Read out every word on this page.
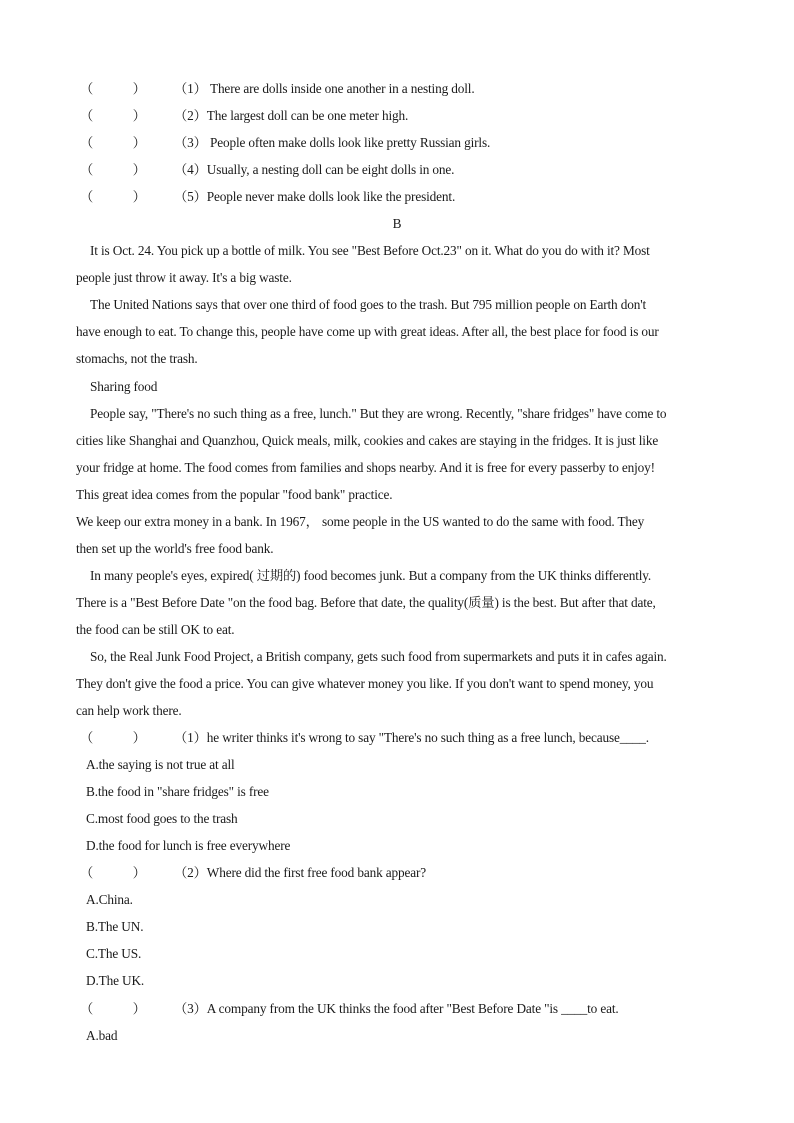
（　　　） （1） There are dolls inside one another in a nesting doll.
（　　　） （2）The largest doll can be one meter high.
（　　　） （3） People often make dolls look like pretty Russian girls.
（　　　） （4）Usually, a nesting doll can be eight dolls in one.
（　　　） （5）People never make dolls look like the president.
B
It is Oct. 24. You pick up a bottle of milk. You see "Best Before Oct.23" on it. What do you do with it? Most
people just throw it away. It's a big waste.
The United Nations says that over one third of food goes to the trash. But 795 million people on Earth don't
have enough to eat. To change this, people have come up with great ideas. After all, the best place for food is our
stomachs, not the trash.
Sharing food
People say, "There's no such thing as a free, lunch." But they are wrong. Recently, "share fridges" have come to
cities like Shanghai and Quanzhou, Quick meals, milk, cookies and cakes are staying in the fridges. It is just like
your fridge at home. The food comes from families and shops nearby. And it is free for every passerby to enjoy!
This great idea comes from the popular "food bank" practice.
We keep our extra money in a bank. In 1967， some people in the US wanted to do the same with food. They
then set up the world's free food bank.
In many people's eyes, expired( 过期的) food becomes junk. But a company from the UK thinks differently.
There is a "Best Before Date "on the food bag. Before that date, the quality(质量) is the best. But after that date,
the food can be still OK to eat.
So, the Real Junk Food Project, a British company, gets such food from supermarkets and puts it in cafes again.
They don't give the food a price. You can give whatever money you like. If you don't want to spend money, you
can help work there.
（　　　） （1）he writer thinks it's wrong to say "There's no such thing as a free lunch, because____.
A.the saying is not true at all
B.the food in "share fridges" is free
C.most food goes to the trash
D.the food for lunch is free everywhere
（　　　） （2）Where did the first free food bank appear?
A.China.
B.The UN.
C.The US.
D.The UK.
（　　　） （3）A company from the UK thinks the food after "Best Before Date "is ____to eat.
A.bad
